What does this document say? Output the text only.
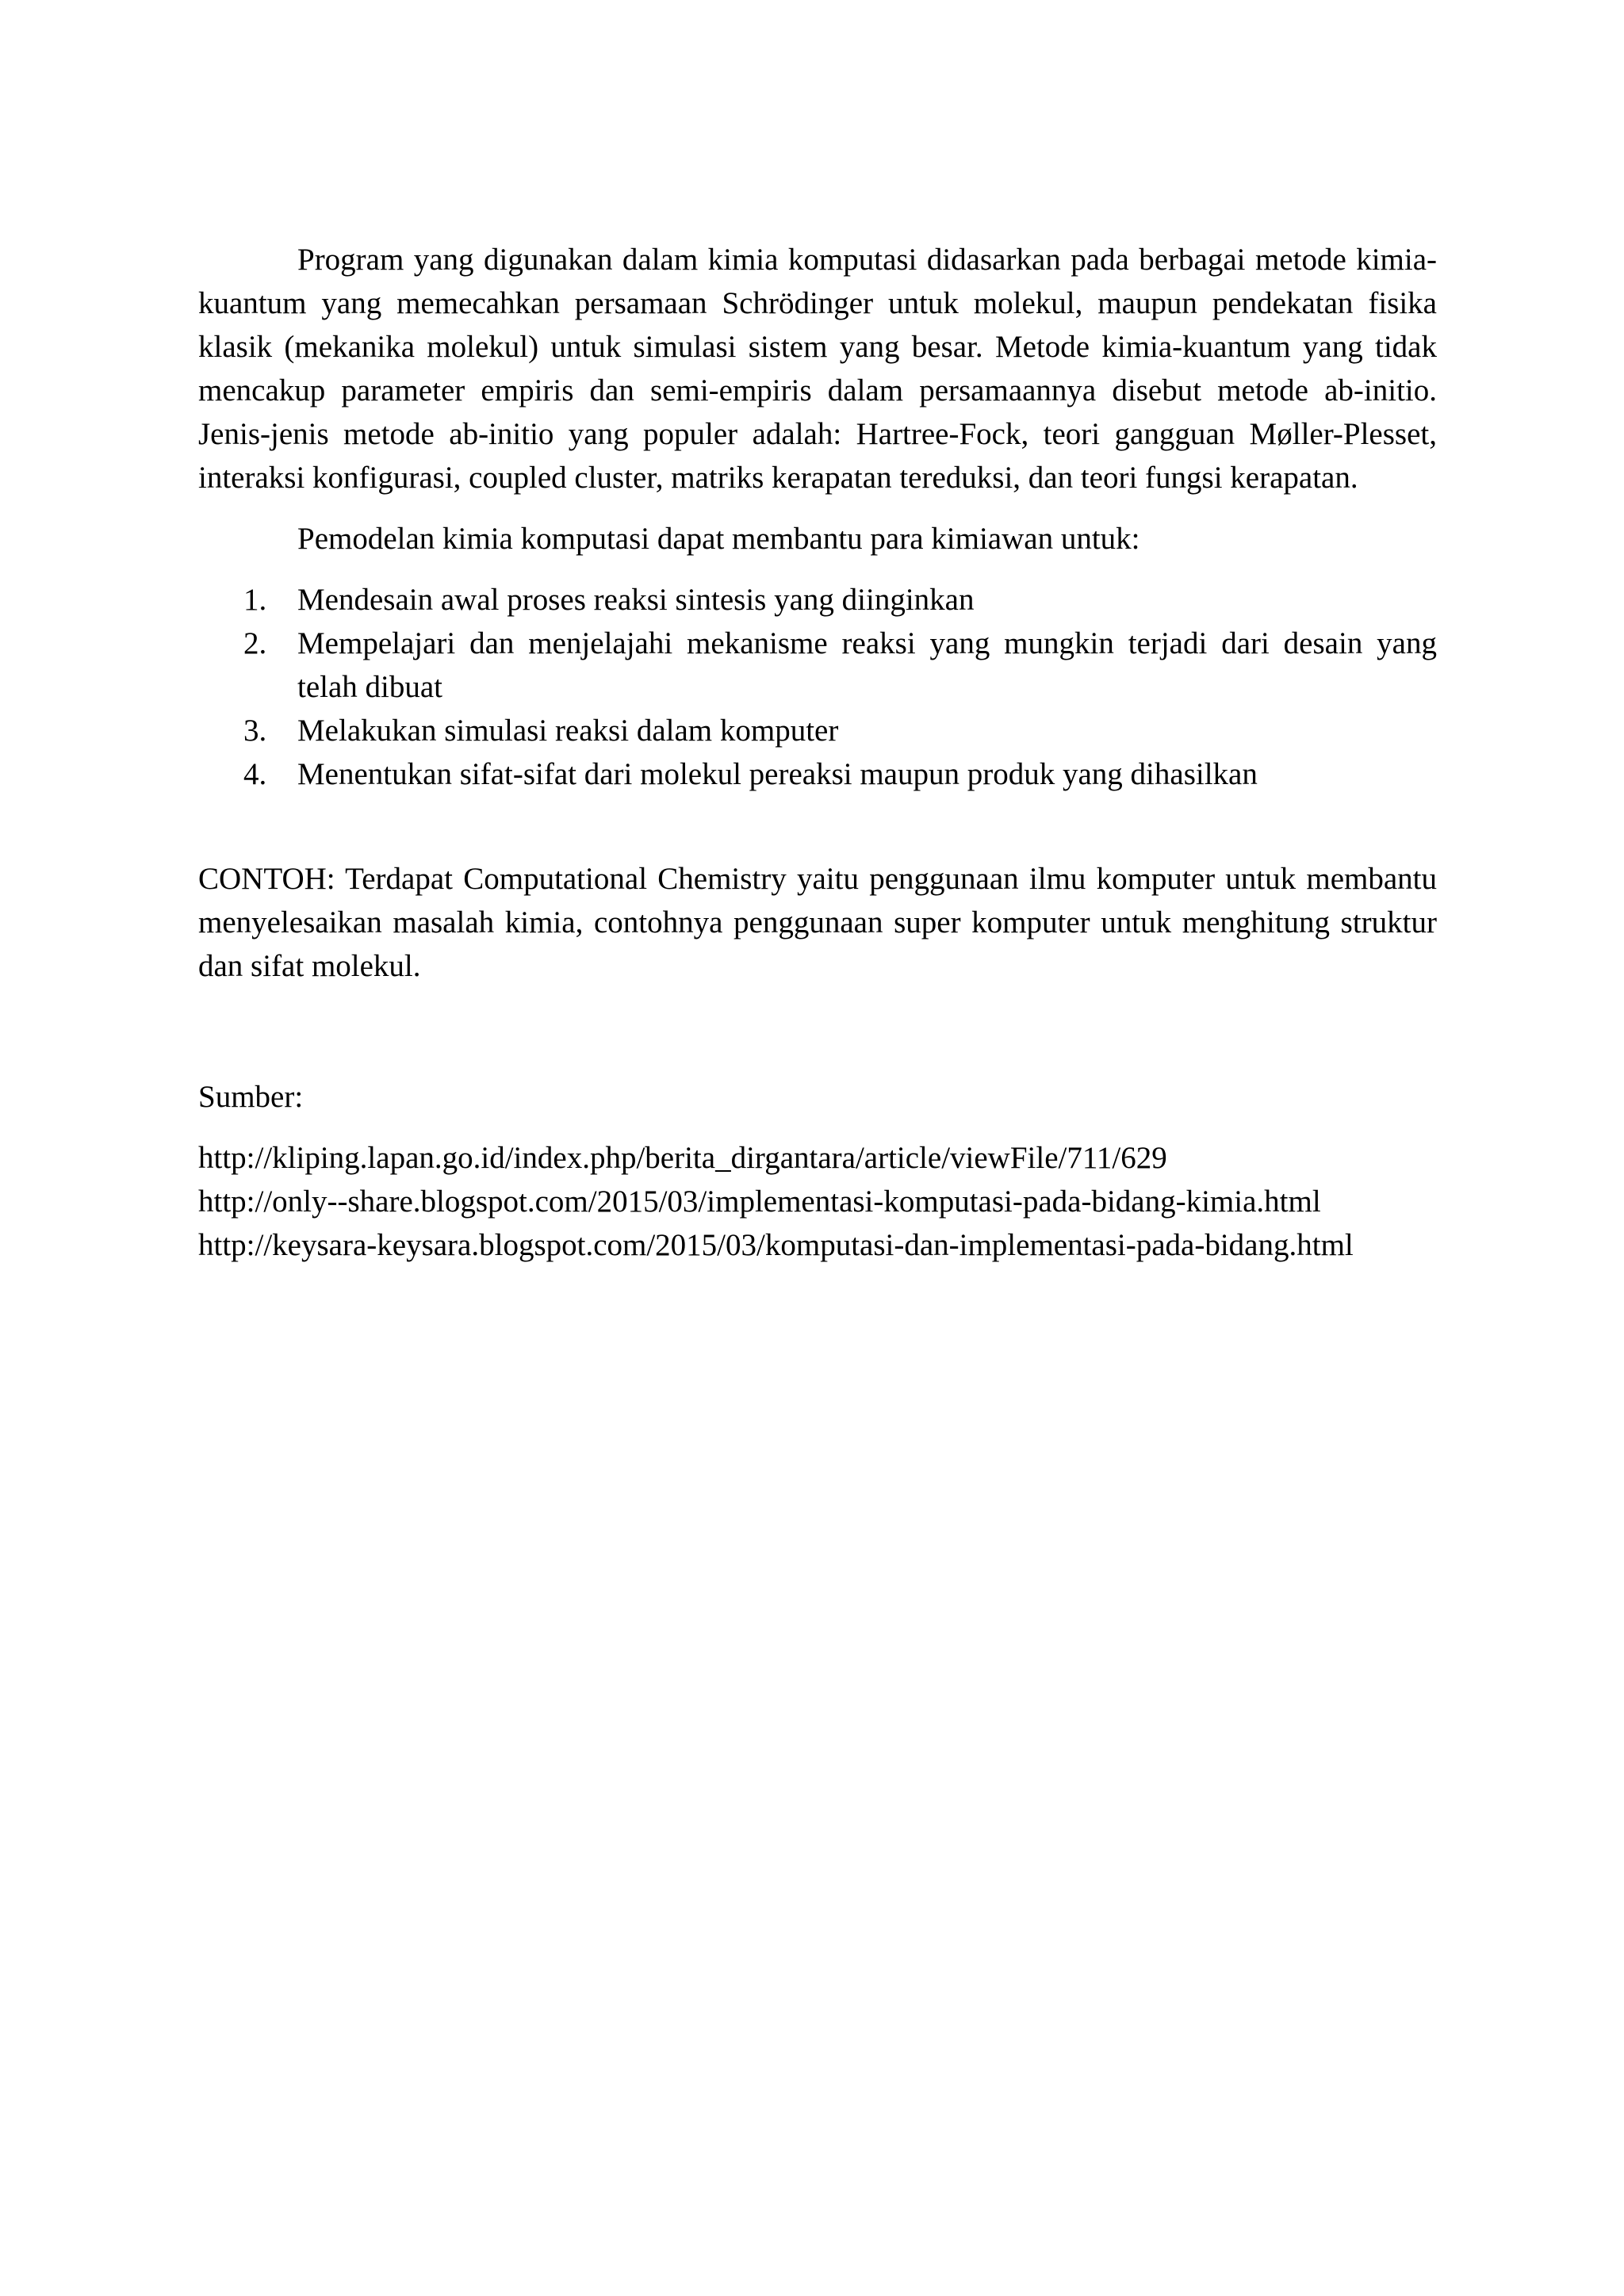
Program yang digunakan dalam kimia komputasi didasarkan pada berbagai metode kimia-kuantum yang memecahkan persamaan Schrödinger untuk molekul, maupun pendekatan fisika klasik (mekanika molekul) untuk simulasi sistem yang besar. Metode kimia-kuantum yang tidak mencakup parameter empiris dan semi-empiris dalam persamaannya disebut metode ab-initio. Jenis-jenis metode ab-initio yang populer adalah: Hartree-Fock, teori gangguan Møller-Plesset, interaksi konfigurasi, coupled cluster, matriks kerapatan tereduksi, dan teori fungsi kerapatan.

Pemodelan kimia komputasi dapat membantu para kimiawan untuk:

1. Mendesain awal proses reaksi sintesis yang diinginkan
2. Mempelajari dan menjelajahi mekanisme reaksi yang mungkin terjadi dari desain yang telah dibuat
3. Melakukan simulasi reaksi dalam komputer
4. Menentukan sifat-sifat dari molekul pereaksi maupun produk yang dihasilkan

CONTOH: Terdapat Computational Chemistry yaitu penggunaan ilmu komputer untuk membantu menyelesaikan masalah kimia, contohnya penggunaan super komputer untuk menghitung struktur dan sifat molekul.

Sumber:

http://kliping.lapan.go.id/index.php/berita_dirgantara/article/viewFile/711/629
http://only--share.blogspot.com/2015/03/implementasi-komputasi-pada-bidang-kimia.html
http://keysara-keysara.blogspot.com/2015/03/komputasi-dan-implementasi-pada-bidang.html
